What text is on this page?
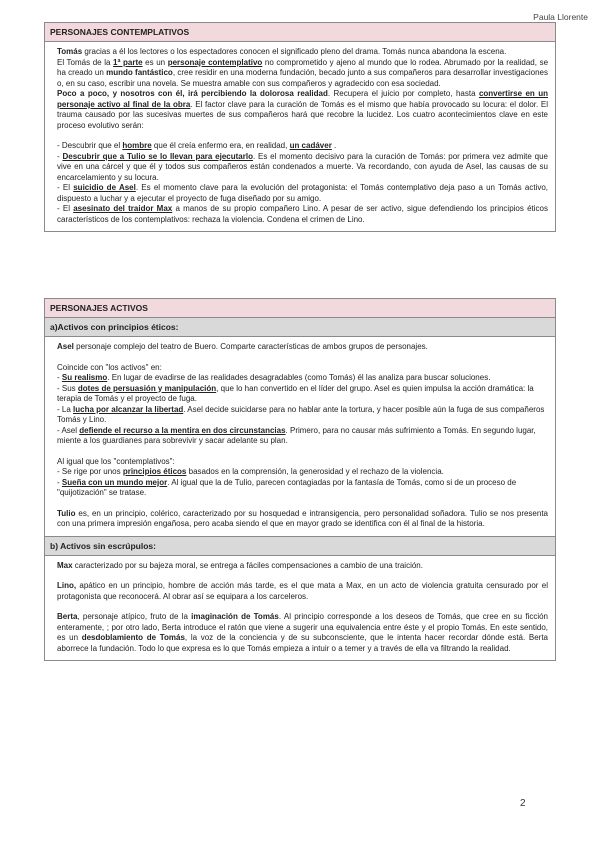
Paula Llorente
PERSONAJES CONTEMPLATIVOS

Tomás gracias a él los lectores o los espectadores conocen el significado pleno del drama. Tomás nunca abandona la escena.

El Tomás de la 1ª parte es un personaje contemplativo no comprometido y ajeno al mundo que lo rodea. Abrumado por la realidad, se ha creado un mundo fantástico, cree residir en una moderna fundación, becado junto a sus compañeros para desarrollar investigaciones o, en su caso, escribir una novela. Se muestra amable con sus compañeros y agradecido con esa sociedad.

Poco a poco, y nosotros con él, irá percibiendo la dolorosa realidad. Recupera el juicio por completo, hasta convertirse en un personaje activo al final de la obra. El factor clave para la curación de Tomás es el mismo que había provocado su locura: el dolor. El trauma causado por las sucesivas muertes de sus compañeros hará que recobre la lucidez. Los cuatro acontecimientos clave en este proceso evolutivo serán:

- Descubrir que el hombre que él creía enfermo era, en realidad, un cadáver .

- Descubrir que a Tulio se lo llevan para ejecutarlo. Es el momento decisivo para la curación de Tomás: por primera vez admite que vive en una cárcel y que él y todos sus compañeros están condenados a muerte. Va recordando, con ayuda de Asel, las causas de su encarcelamiento y su locura.

- El suicidio de Asel. Es el momento clave para la evolución del protagonista: el Tomás contemplativo deja paso a un Tomás activo, dispuesto a luchar y a ejecutar el proyecto de fuga diseñado por su amigo.

- El asesinato del traidor Max a manos de su propio compañero Lino. A pesar de ser activo, sigue defendiendo los principios éticos característicos de los contemplativos: rechaza la violencia. Condena el crimen de Lino.

PERSONAJES ACTIVOS
a)Activos con principios éticos:

Asel personaje complejo del teatro de Buero. Comparte características de ambos grupos de personajes.

Coincide con "los activos" en:

- Su realismo. En lugar de evadirse de las realidades desagradables (como Tomás) él las analiza para buscar soluciones.

- Sus dotes de persuasión y manipulación, que lo han convertido en el líder del grupo. Asel es quien impulsa la acción dramática: la terapia de Tomás y el proyecto de fuga.

- La lucha por alcanzar la libertad. Asel decide suicidarse para no hablar ante la tortura, y hacer posible aún la fuga de sus compañeros Tomás y Lino.

- Asel defiende el recurso a la mentira en dos circunstancias. Primero, para no causar más sufrimiento a Tomás. En segundo lugar, miente a los guardianes para sobrevivir y sacar adelante su plan.

Al igual que los "contemplativos":

- Se rige por unos principios éticos basados en la comprensión, la generosidad y el rechazo de la violencia.

- Sueña con un mundo mejor. Al igual que la de Tulio, parecen contagiadas por la fantasía de Tomás, como si de un proceso de "quijotización" se tratase.

Tulio es, en un principio, colérico, caracterizado por su hosquedad e intransigencia, pero personalidad soñadora. Tulio se nos presenta con una primera impresión engañosa, pero acaba siendo el que en mayor grado se identifica con él al final de la historia.

b) Activos sin escrúpulos:

Max caracterizado por su bajeza moral, se entrega a fáciles compensaciones a cambio de una traición.

Lino, apático en un principio, hombre de acción más tarde, es el que mata a Max, en un acto de violencia gratuita censurado por el protagonista que reconocerá. Al obrar así se equipara a los carceleros.

Berta, personaje atípico, fruto de la imaginación de Tomás. Al principio corresponde a los deseos de Tomás, que cree en su ficción enteramente, ; por otro lado, Berta introduce el ratón que viene a sugerir una equivalencia entre éste y el propio Tomás. En este sentido, es un desdoblamiento de Tomás, la voz de la conciencia y de su subconsciente, que le intenta hacer recordar dónde está. Berta aborrece la fundación. Todo lo que expresa es lo que Tomás empieza a intuir o a temer y a través de ella va filtrando la realidad.

2
